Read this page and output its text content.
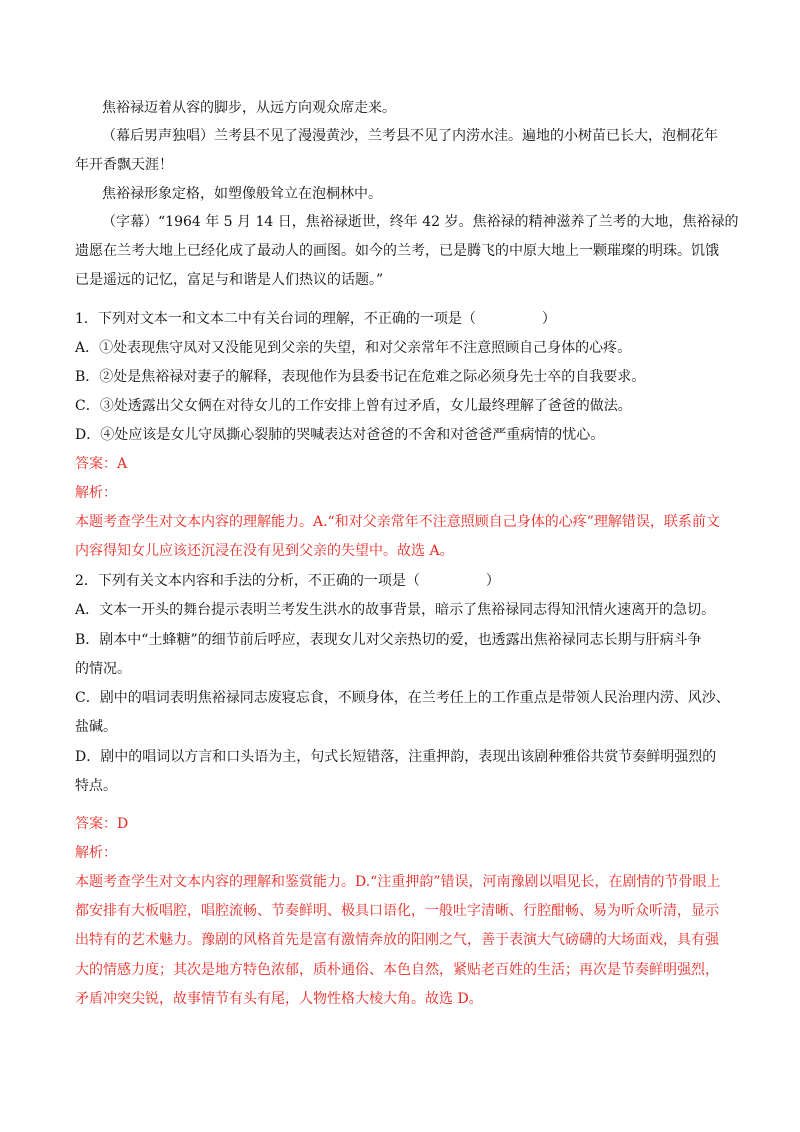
焦裕禄迈着从容的脚步，从远方向观众席走来。
（幕后男声独唱）兰考县不见了漫漫黄沙，兰考县不见了内涝水洼。遍地的小树苗已长大，泡桐花年
年开香飘天涯！
焦裕禄形象定格，如塑像般耸立在泡桐林中。
（字幕）“1964 年 5 月 14 日，焦裕禄逝世，终年 42 岁。焦裕禄的精神滋养了兰考的大地，焦裕禄的
遗愿在兰考大地上已经化成了最动人的画图。如今的兰考，已是腾飞的中原大地上一颗璀璨的明珠。饥饿
已是遥远的记忆，富足与和谐是人们热议的话题。”
1．下列对文本一和文本二中有关台词的理解，不正确的一项是（	）
A．①处表现焦守凤对又没能见到父亲的失望，和对父亲常年不注意照顾自己身体的心疼。
B．②处是焦裕禄对妻子的解释，表现他作为县委书记在危难之际必须身先士卒的自我要求。
C．③处透露出父女俩在对待女儿的工作安排上曾有过矛盾，女儿最终理解了爸爸的做法。
D．④处应该是女儿守凤撕心裂肺的哭喊表达对爸爸的不舍和对爸爸严重病情的忧心。
答案：A
解析：
本题考查学生对文本内容的理解能力。A.“和对父亲常年不注意照顾自己身体的心疼”理解错误，联系前文
内容得知女儿应该还沉浸在没有见到父亲的失望中。故选 A。
2．下列有关文本内容和手法的分析，不正确的一项是（	）
A．文本一开头的舞台提示表明兰考发生洪水的故事背景，暗示了焦裕禄同志得知汛情火速离开的急切。
B．剧本中“土蜂糖”的细节前后呼应，表现女儿对父亲热切的爱，也透露出焦裕禄同志长期与肝病斗争
的情况。
C．剧中的唱词表明焦裕禄同志废寝忘食，不顾身体，在兰考任上的工作重点是带领人民治理内涝、风沙、
盐碱。
D．剧中的唱词以方言和口头语为主，句式长短错落，注重押韵，表现出该剧种雅俗共赏节奏鲜明强烈的
特点。
答案：D
解析：
本题考查学生对文本内容的理解和鉴赏能力。D.“注重押韵”错误，河南豫剧以唱见长，在剧情的节骨眼上
都安排有大板唱腔，唱腔流畅、节奏鲜明、极具口语化，一般吐字清晰、行腔酣畅、易为听众听清，显示
出特有的艺术魅力。豫剧的风格首先是富有激情奔放的阳刚之气，善于表演大气磅礴的大场面戏，具有强
大的情感力度；其次是地方特色浓郁，质朴通俗、本色自然，紧贴老百姓的生活；再次是节奏鲜明强烈，
矛盾冲突尖锐，故事情节有头有尾，人物性格大棱大角。故选 D。
